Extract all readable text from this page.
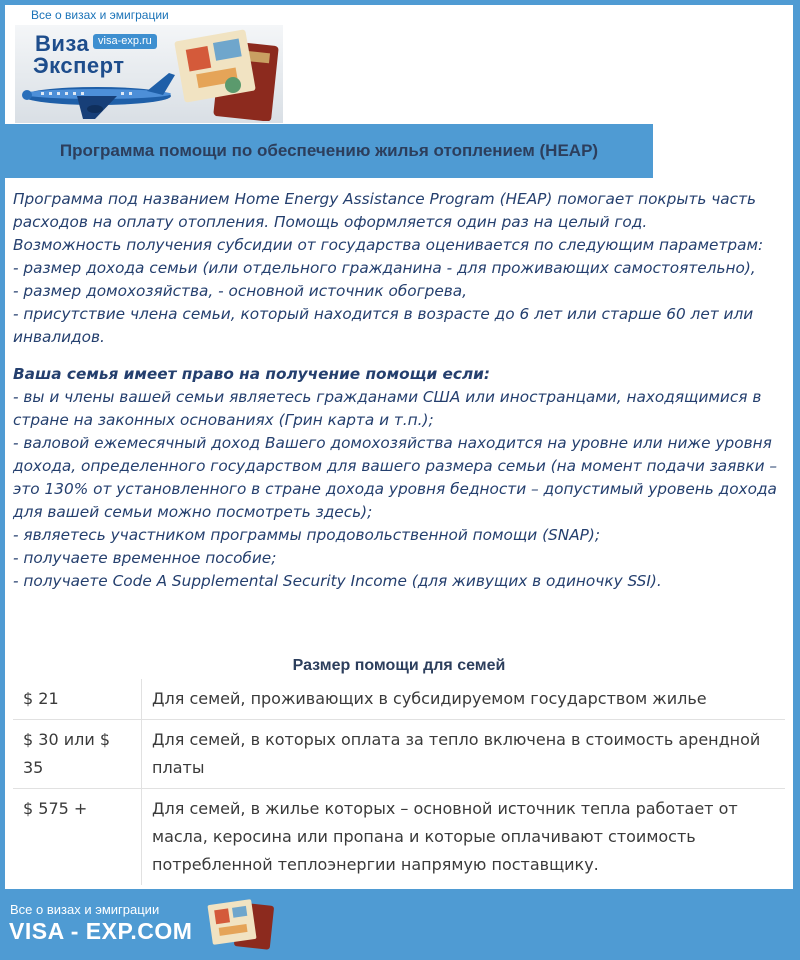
Все о визах и эмиграции
Виза visa-exp.ru
Эксперт
Программа помощи по обеспечению жилья отоплением (HEAP)

Программа под названием Home Energy Assistance Program (HEAP) помогает покрыть часть расходов на оплату отопления. Помощь оформляется один раз на целый год.

Возможность получения субсидии от государства оценивается по следующим параметрам:

- размер дохода семьи (или отдельного гражданина - для проживающих самостоятельно),

- размер домохозяйства, - основной источник обогрева,

- присутствие члена семьи, который находится в возрасте до 6 лет или старше 60 лет или инвалидов.

Ваша семья имеет право на получение помощи если:

- вы и члены вашей семьи являетесь гражданами США или иностранцами, находящимися в стране на законных основаниях (Грин карта и т.п.);

- валовой ежемесячный доход Вашего домохозяйства находится на уровне или ниже уровня дохода, определенного государством для вашего размера семьи (на момент подачи заявки – это 130% от установленного в стране дохода уровня бедности – допустимый уровень дохода для вашей семьи можно посмотреть здесь);

- являетесь участником программы продовольственной помощи (SNAP);

- получаете временное пособие;

- получаете Code A Supplemental Security Income (для живущих в одиночку SSI).

Размер помощи для семей
$ 21	Для семей, проживающих в субсидируемом государством жилье
$ 30 или $ 35	Для семей, в которых оплата за тепло включена в стоимость арендной платы
$ 575 +	Для семей, в жилье которых – основной источник тепла работает от масла, керосина или пропана и которые оплачивают стоимость потребленной теплоэнергии напрямую поставщику.
Все о визах и эмиграции
VISA - EXP.COM
